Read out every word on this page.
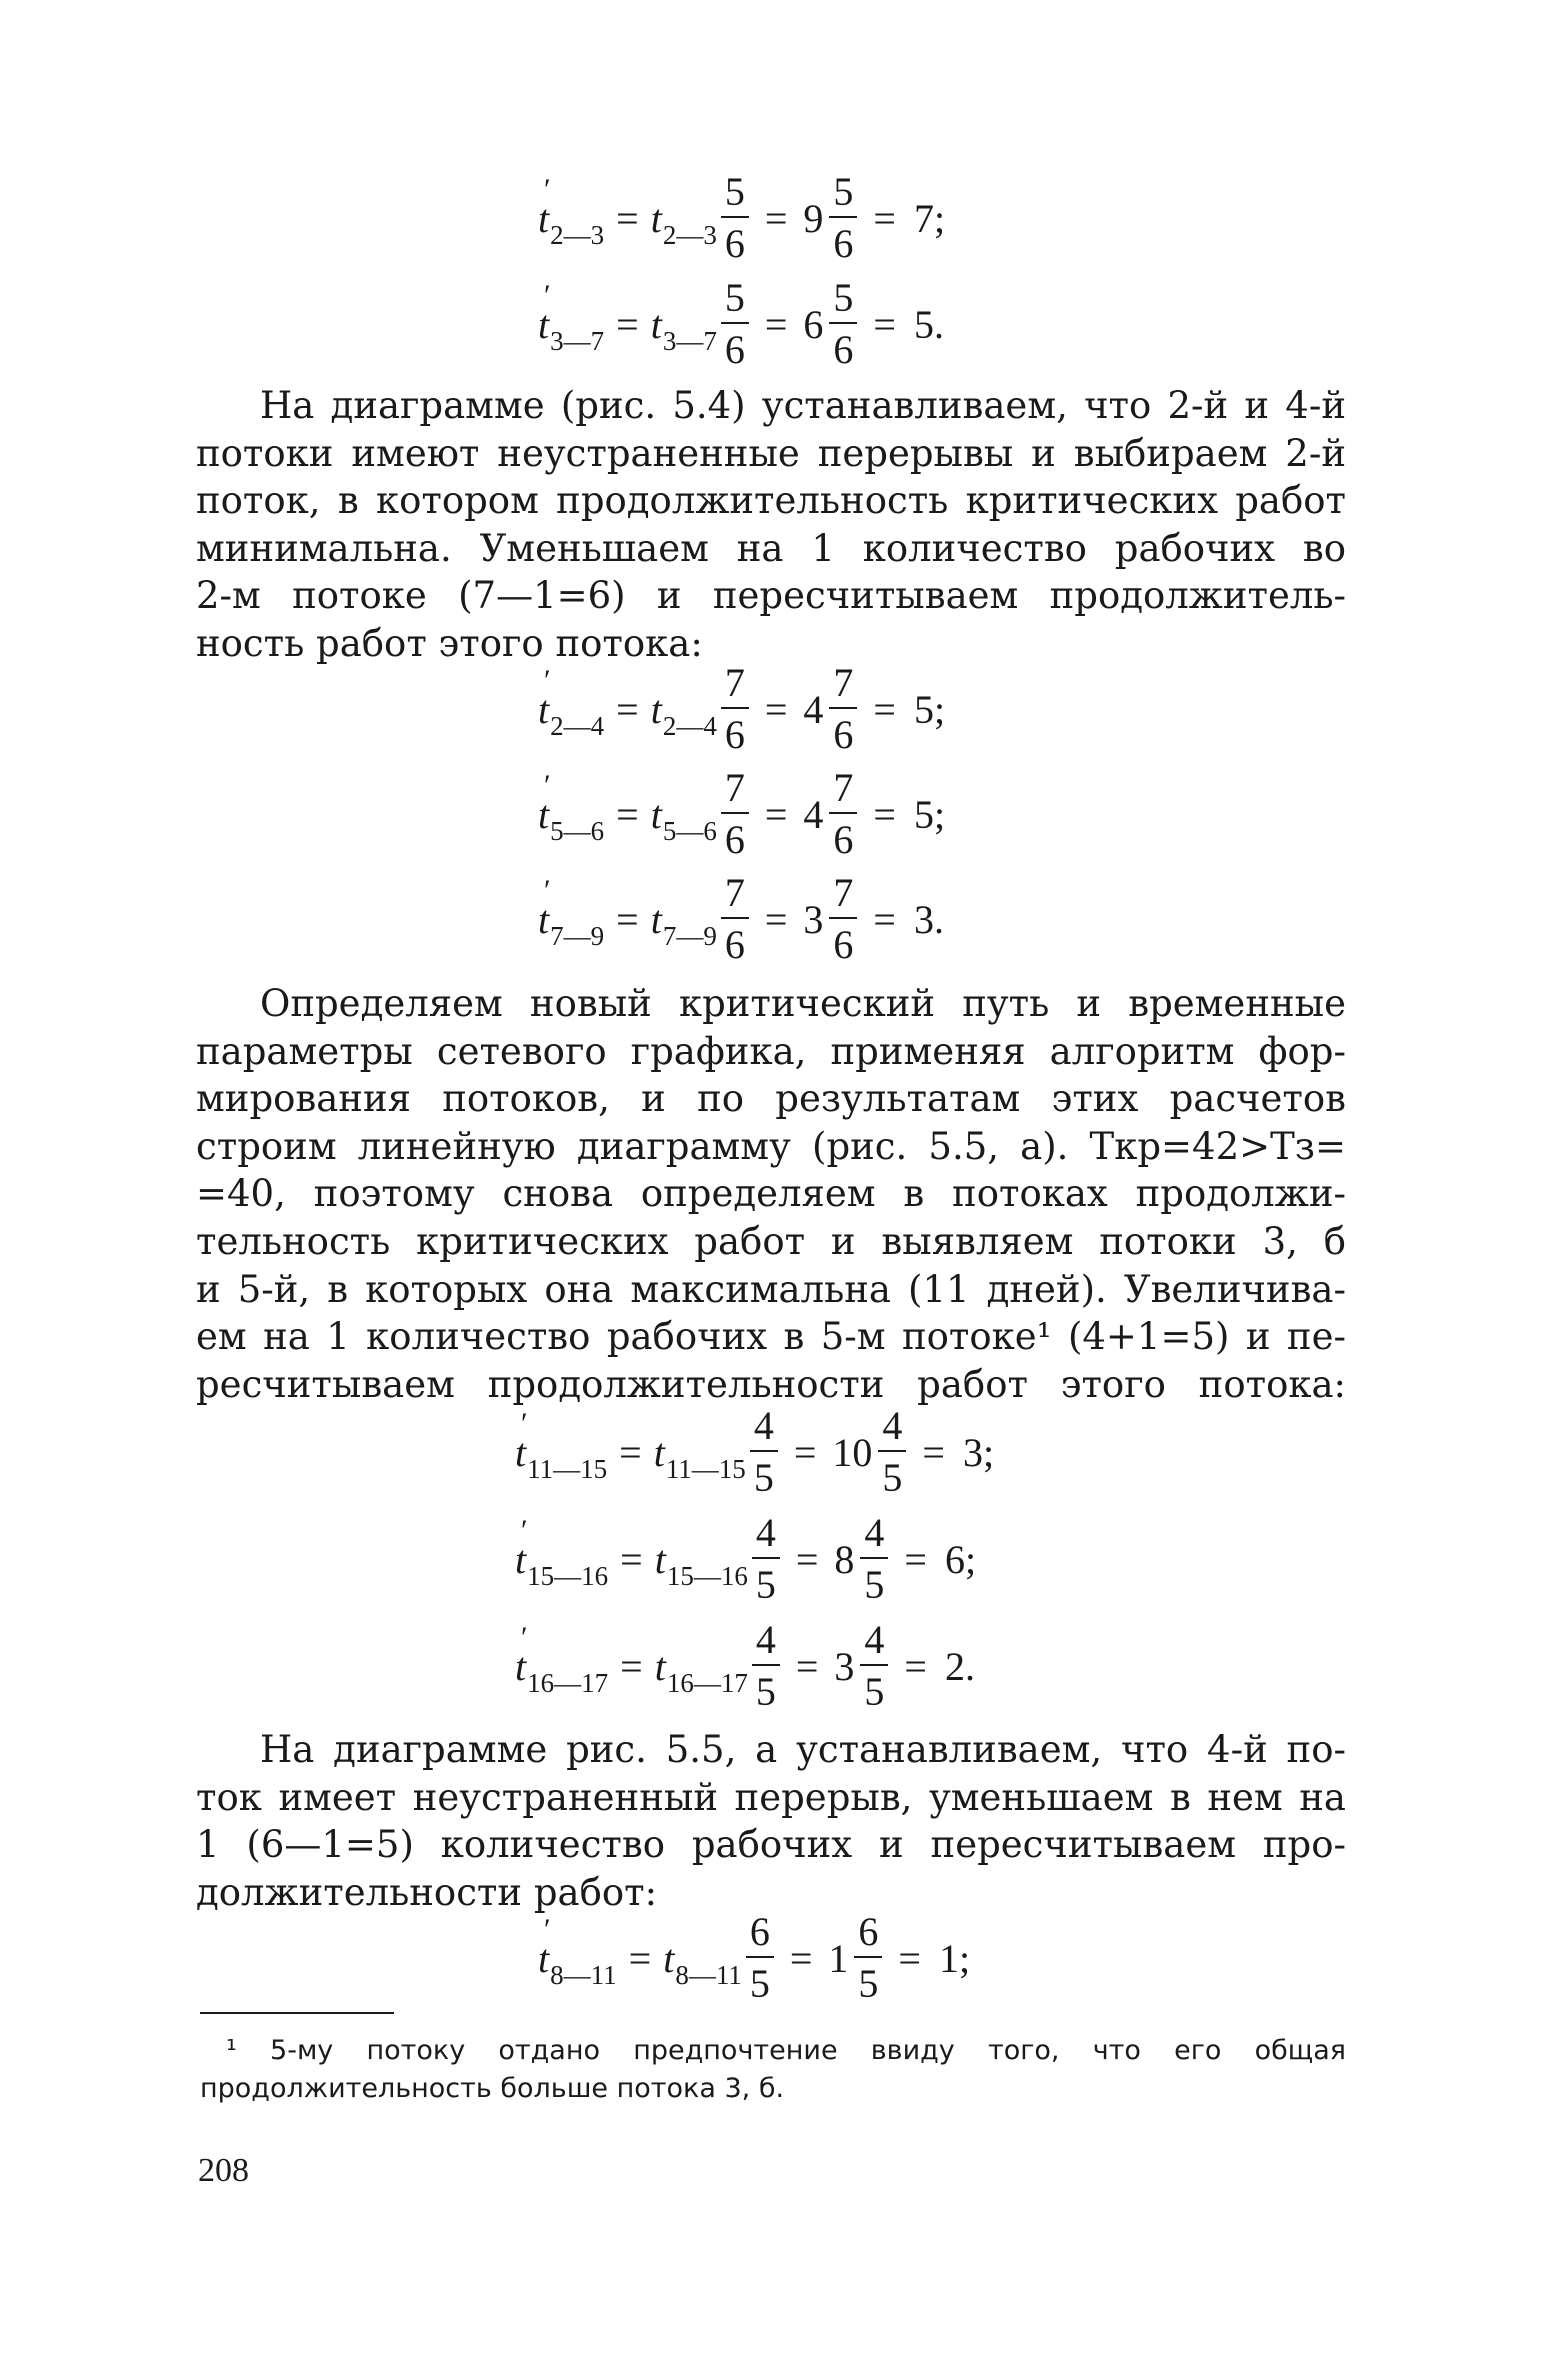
t
′
$_{2—3} = t_{2—3} \frac{5}{6} = 9 \frac{5}{6} = 7$;
t
′
$_{3—7} = t_{3—7} \frac{5}{6} = 6 \frac{5}{6} = 5$.
На диаграмме (рис. 5.4) устанавливаем, что 2-й и 4-й
потоки имеют неустраненные перерывы и выбираем 2-й
поток, в котором продолжительность критических работ
минимальна. Уменьшаем на 1 количество рабочих во
2-м потоке (7—1=6) и пересчитываем продолжитель-
ность работ этого потока:
t
′
$_{2—4} = t_{2—4} \frac{7}{6} = 4 \frac{7}{6} = 5$;
t
′
$_{5—6} = t_{5—6} \frac{7}{6} = 4 \frac{7}{6} = 5$;
t
′
$_{7—9} = t_{7—9} \frac{7}{6} = 3 \frac{7}{6} = 3$.
Определяем новый критический путь и временные
параметры сетевого графика, применяя алгоритм фор-
мирования потоков, и по результатам этих расчетов
строим линейную диаграмму (рис. 5.5, а). Tкр=42>Tз=
=40, поэтому снова определяем в потоках продолжи-
тельность критических работ и выявляем потоки 3, б
и 5-й, в которых она максимальна (11 дней). Увеличива-
ем на 1 количество рабочих в 5-м потоке¹ (4+1=5) и пе-
ресчитываем продолжительности работ этого потока:
t
′
$_{11—15} = t_{11—15} \frac{4}{5} = 10 \frac{4}{5} = 3$;
t
′
$_{15—16} = t_{15—16} \frac{4}{5} = 8 \frac{4}{5} = 6$;
t
′
$_{16—17} = t_{16—17} \frac{4}{5} = 3 \frac{4}{5} = 2$.
На диаграмме рис. 5.5, а устанавливаем, что 4-й по-
ток имеет неустраненный перерыв, уменьшаем в нем на
1 (6—1=5) количество рабочих и пересчитываем про-
должительности работ:
t
′
$_{8—11} = t_{8—11} \frac{6}{5} = 1 \frac{6}{5} = 1$;
¹ 5-му потоку отдано предпочтение ввиду того, что его общая
продолжительность больше потока 3, б.
208
